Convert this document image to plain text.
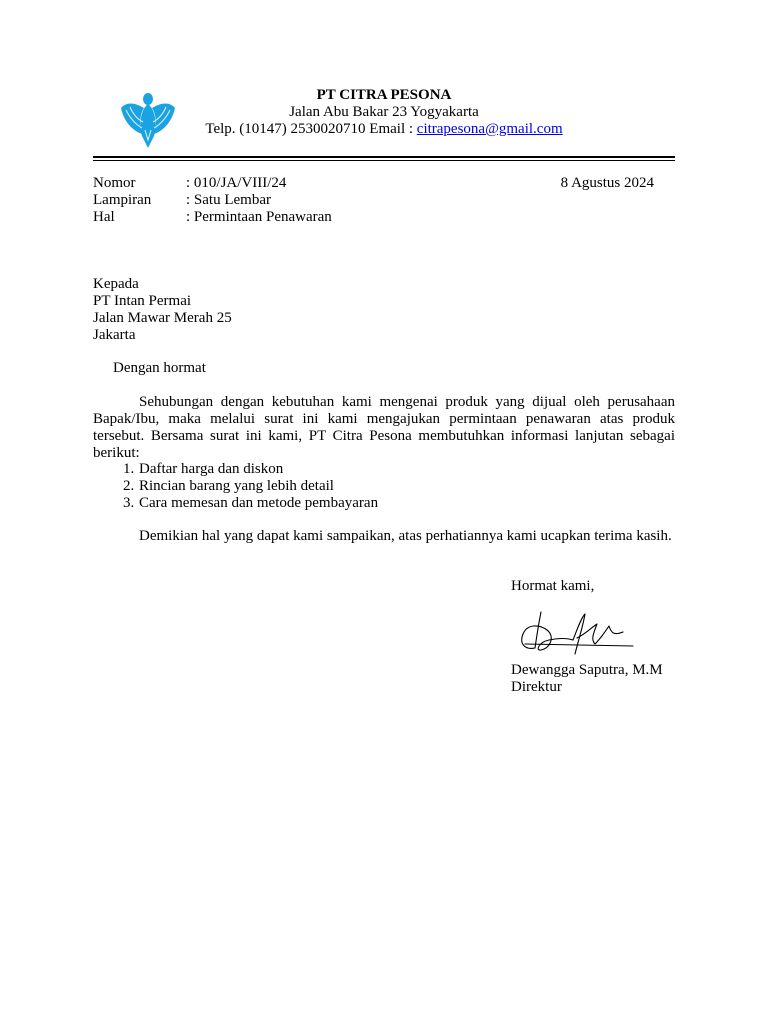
PT CITRA PESONA
Jalan Abu Bakar 23 Yogyakarta
Telp. (10147) 2530020710 Email : citrapesona@gmail.com
Nomor	: 010/JA/VIII/24
Lampiran	: Satu Lembar
Hal	: Permintaan Penawaran
8 Agustus 2024
Kepada
PT Intan Permai
Jalan Mawar Merah 25
Jakarta
Dengan hormat
Sehubungan dengan kebutuhan kami mengenai produk yang dijual oleh perusahaan Bapak/Ibu, maka melalui surat ini kami mengajukan permintaan penawaran atas produk tersebut. Bersama surat ini kami, PT Citra Pesona membutuhkan informasi lanjutan sebagai berikut:
1. Daftar harga dan diskon
2. Rincian barang yang lebih detail
3. Cara memesan dan metode pembayaran
Demikian hal yang dapat kami sampaikan, atas perhatiannya kami ucapkan terima kasih.
Hormat kami,
Dewangga Saputra, M.M
Direktur
